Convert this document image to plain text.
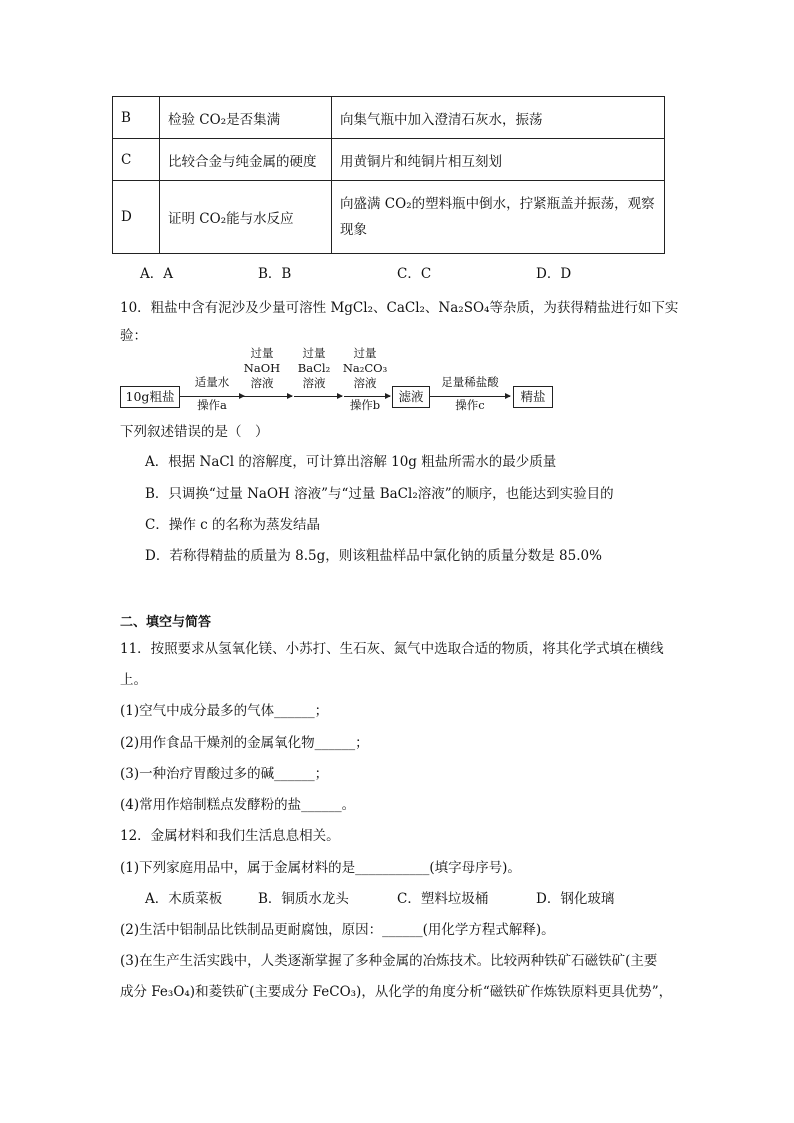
B	检验 CO₂是否集满	向集气瓶中加入澄清石灰水，振荡
C	比较合金与纯金属的硬度	用黄铜片和纯铜片相互刻划
D	证明 CO₂能与水反应	向盛满 CO₂的塑料瓶中倒水，拧紧瓶盖并振荡，观察现象
A．A	B．B	C．C	D．D
10．粗盐中含有泥沙及少量可溶性 MgCl₂、CaCl₂、Na₂SO₄等杂质，为获得精盐进行如下实
验：
10g粗盐
适量水
操作a
过量
NaOH
溶液
过量
BaCl₂
溶液
过量
Na₂CO₃
溶液
操作b
滤液
足量稀盐酸
操作c
精盐
下列叙述错误的是（　）
A．根据 NaCl 的溶解度，可计算出溶解 10g 粗盐所需水的最少质量
B．只调换“过量 NaOH 溶液”与“过量 BaCl₂溶液”的顺序，也能达到实验目的
C．操作 c 的名称为蒸发结晶
D．若称得精盐的质量为 8.5g，则该粗盐样品中氯化钠的质量分数是 85.0%
二、填空与简答
11．按照要求从氢氧化镁、小苏打、生石灰、氮气中选取合适的物质，将其化学式填在横线
上。
(1)空气中成分最多的气体______；
(2)用作食品干燥剂的金属氧化物______；
(3)一种治疗胃酸过多的碱______；
(4)常用作焙制糕点发酵粉的盐______。
12．金属材料和我们生活息息相关。
(1)下列家庭用品中，属于金属材料的是___________(填字母序号)。
A．木质菜板	B．铜质水龙头	C．塑料垃圾桶	D．钢化玻璃
(2)生活中铝制品比铁制品更耐腐蚀，原因：______(用化学方程式解释)。
(3)在生产生活实践中，人类逐渐掌握了多种金属的冶炼技术。比较两种铁矿石磁铁矿(主要
成分 Fe₃O₄)和菱铁矿(主要成分 FeCO₃)，从化学的角度分析“磁铁矿作炼铁原料更具优势”，
